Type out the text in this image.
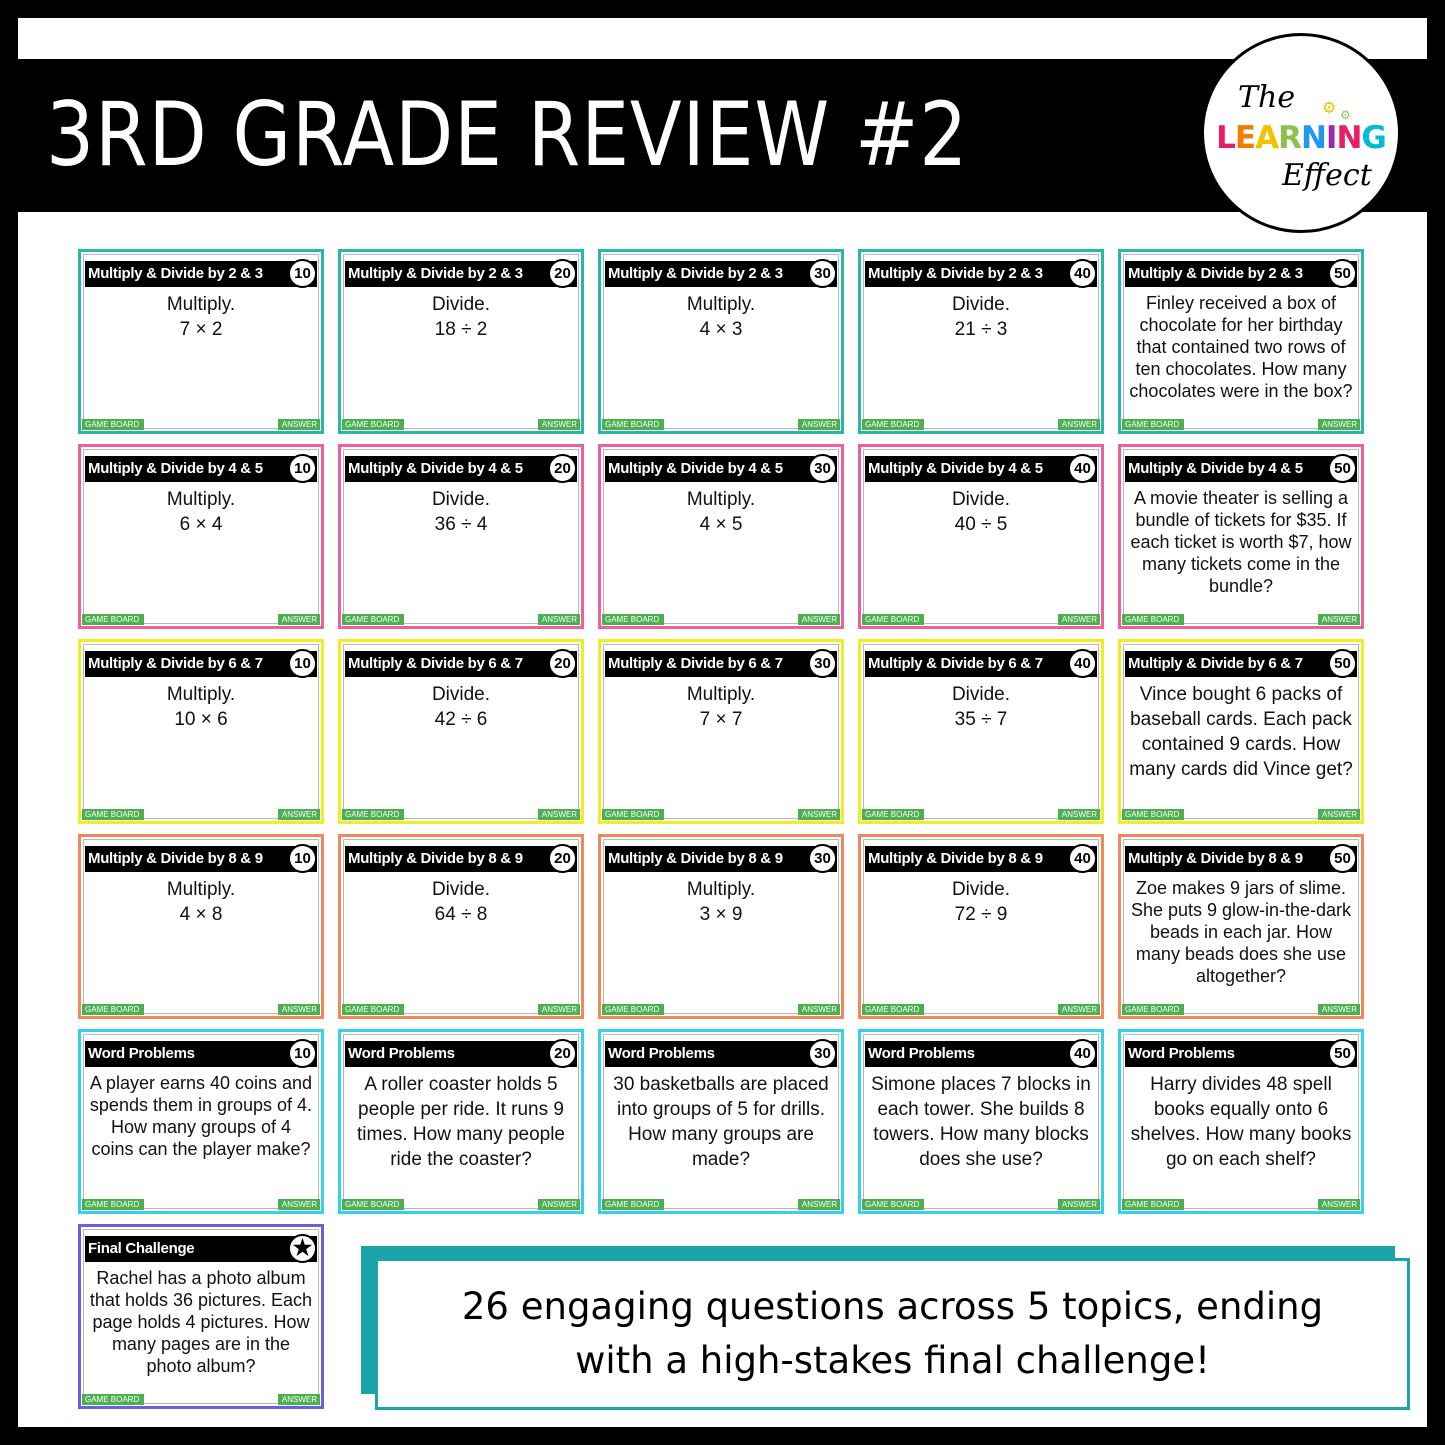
3RD GRADE REVIEW #2	The ⚙ ⚙
LEARNING
Effect
Multiply & Divide by 2 & 3	10
Multiply.
7 × 2
GAME BOARD	ANSWER
Multiply & Divide by 2 & 3	20
Divide.
18 ÷ 2
GAME BOARD	ANSWER
Multiply & Divide by 2 & 3	30
Multiply.
4 × 3
GAME BOARD	ANSWER
Multiply & Divide by 2 & 3	40
Divide.
21 ÷ 3
GAME BOARD	ANSWER
Multiply & Divide by 2 & 3	50
Finley received a box of chocolate for her birthday that contained two rows of ten chocolates. How many chocolates were in the box?
GAME BOARD	ANSWER
Multiply & Divide by 4 & 5	10
Multiply.
6 × 4
GAME BOARD	ANSWER
Multiply & Divide by 4 & 5	20
Divide.
36 ÷ 4
GAME BOARD	ANSWER
Multiply & Divide by 4 & 5	30
Multiply.
4 × 5
GAME BOARD	ANSWER
Multiply & Divide by 4 & 5	40
Divide.
40 ÷ 5
GAME BOARD	ANSWER
Multiply & Divide by 4 & 5	50
A movie theater is selling a bundle of tickets for $35. If each ticket is worth $7, how many tickets come in the bundle?
GAME BOARD	ANSWER
Multiply & Divide by 6 & 7	10
Multiply.
10 × 6
GAME BOARD	ANSWER
Multiply & Divide by 6 & 7	20
Divide.
42 ÷ 6
GAME BOARD	ANSWER
Multiply & Divide by 6 & 7	30
Multiply.
7 × 7
GAME BOARD	ANSWER
Multiply & Divide by 6 & 7	40
Divide.
35 ÷ 7
GAME BOARD	ANSWER
Multiply & Divide by 6 & 7	50
Vince bought 6 packs of baseball cards. Each pack contained 9 cards. How many cards did Vince get?
GAME BOARD	ANSWER
Multiply & Divide by 8 & 9	10
Multiply.
4 × 8
GAME BOARD	ANSWER
Multiply & Divide by 8 & 9	20
Divide.
64 ÷ 8
GAME BOARD	ANSWER
Multiply & Divide by 8 & 9	30
Multiply.
3 × 9
GAME BOARD	ANSWER
Multiply & Divide by 8 & 9	40
Divide.
72 ÷ 9
GAME BOARD	ANSWER
Multiply & Divide by 8 & 9	50
Zoe makes 9 jars of slime. She puts 9 glow-in-the-dark beads in each jar. How many beads does she use altogether?
GAME BOARD	ANSWER
Word Problems	10
A player earns 40 coins and spends them in groups of 4. How many groups of 4 coins can the player make?
GAME BOARD	ANSWER
Word Problems	20
A roller coaster holds 5 people per ride. It runs 9 times. How many people ride the coaster?
GAME BOARD	ANSWER
Word Problems	30
30 basketballs are placed into groups of 5 for drills. How many groups are made?
GAME BOARD	ANSWER
Word Problems	40
Simone places 7 blocks in each tower. She builds 8 towers. How many blocks does she use?
GAME BOARD	ANSWER
Word Problems	50
Harry divides 48 spell books equally onto 6 shelves. How many books go on each shelf?
GAME BOARD	ANSWER
Final Challenge	★
Rachel has a photo album that holds 36 pictures. Each page holds 4 pictures. How many pages are in the photo album?
GAME BOARD	ANSWER
26 engaging questions across 5 topics, ending
with a high-stakes final challenge!
